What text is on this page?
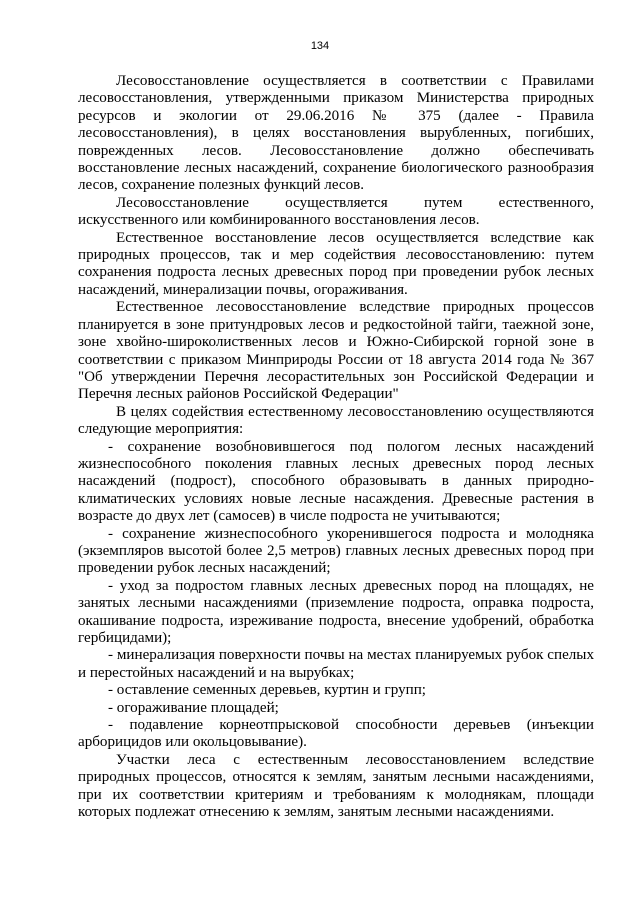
134

Лесовосстановление осуществляется в соответствии с Правилами лесовосстановления, утвержденными приказом Министерства природных ресурсов и экологии от 29.06.2016 № 375 (далее - Правила лесовосстановления), в целях восстановления вырубленных, погибших, поврежденных лесов. Лесовосстановление должно обеспечивать восстановление лесных насаждений, сохранение биологического разнообразия лесов, сохранение полезных функций лесов.

Лесовосстановление осуществляется путем естественного, искусственного или комбинированного восстановления лесов.

Естественное восстановление лесов осуществляется вследствие как природных процессов, так и мер содействия лесовосстановлению: путем сохранения подроста лесных древесных пород при проведении рубок лесных насаждений, минерализации почвы, огораживания.

Естественное лесовосстановление вследствие природных процессов планируется в зоне притундровых лесов и редкостойной тайги, таежной зоне, зоне хвойно-широколиственных лесов и Южно-Сибирской горной зоне в соответствии с приказом Минприроды России от 18 августа 2014 года № 367 "Об утверждении Перечня лесорастительных зон Российской Федерации и Перечня лесных районов Российской Федерации"

В целях содействия естественному лесовосстановлению осуществляются следующие мероприятия:

- сохранение возобновившегося под пологом лесных насаждений жизнеспособного поколения главных лесных древесных пород лесных насаждений (подрост), способного образовывать в данных природно-климатических условиях новые лесные насаждения. Древесные растения в возрасте до двух лет (самосев) в числе подроста не учитываются;

- сохранение жизнеспособного укоренившегося подроста и молодняка (экземпляров высотой более 2,5 метров) главных лесных древесных пород при проведении рубок лесных насаждений;

- уход за подростом главных лесных древесных пород на площадях, не занятых лесными насаждениями (приземление подроста, оправка подроста, окашивание подроста, изреживание подроста, внесение удобрений, обработка гербицидами);

- минерализация поверхности почвы на местах планируемых рубок спелых и перестойных насаждений и на вырубках;

- оставление семенных деревьев, куртин и групп;

- огораживание площадей;

- подавление корнеотпрысковой способности деревьев (инъекции арборицидов или окольцовывание).

Участки леса с естественным лесовосстановлением вследствие природных процессов, относятся к землям, занятым лесными насаждениями, при их соответствии критериям и требованиям к молоднякам, площади которых подлежат отнесению к землям, занятым лесными насаждениями.
